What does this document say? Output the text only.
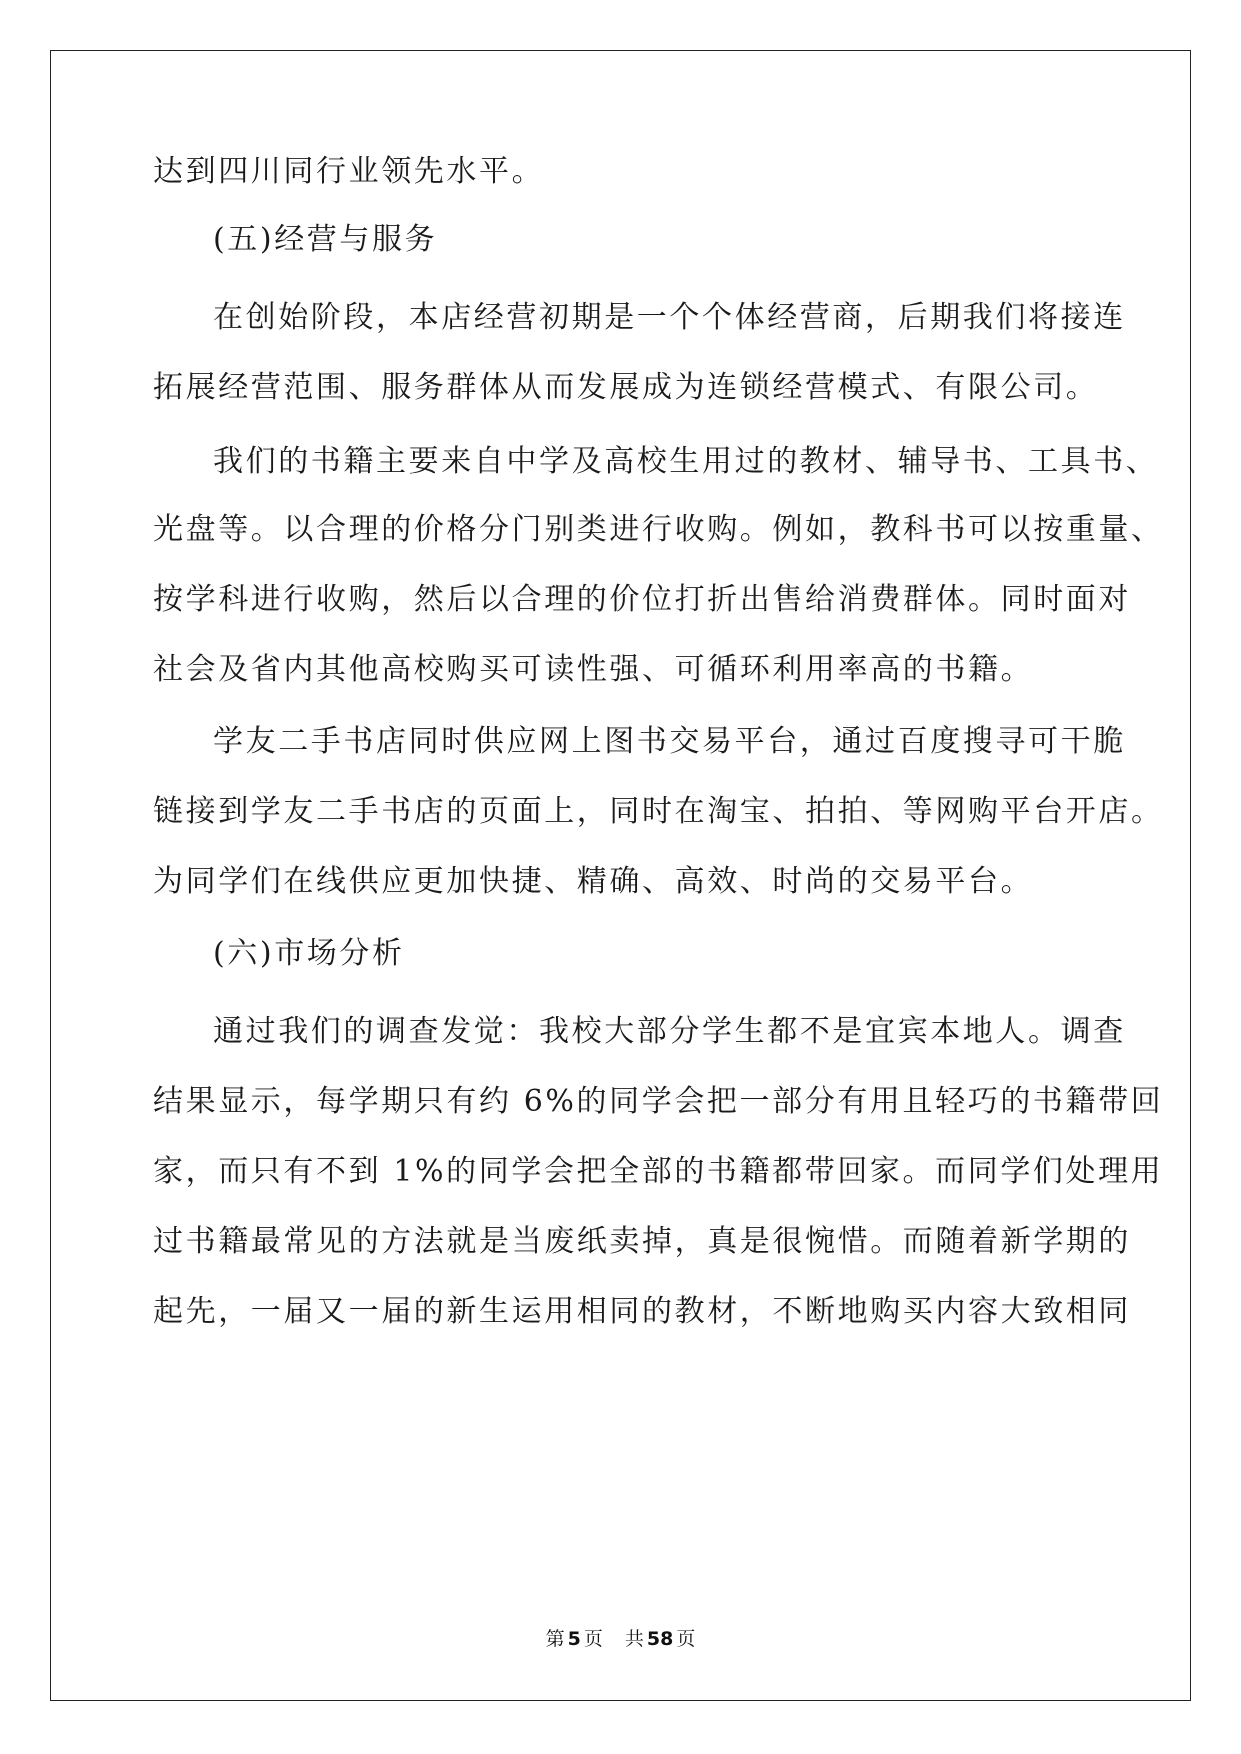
达到四川同行业领先水平。
(五)经营与服务
在创始阶段，本店经营初期是一个个体经营商，后期我们将接连
拓展经营范围、服务群体从而发展成为连锁经营模式、有限公司。
我们的书籍主要来自中学及高校生用过的教材、辅导书、工具书、
光盘等。以合理的价格分门别类进行收购。例如，教科书可以按重量、
按学科进行收购，然后以合理的价位打折出售给消费群体。同时面对
社会及省内其他高校购买可读性强、可循环利用率高的书籍。
学友二手书店同时供应网上图书交易平台，通过百度搜寻可干脆
链接到学友二手书店的页面上，同时在淘宝、拍拍、等网购平台开店。
为同学们在线供应更加快捷、精确、高效、时尚的交易平台。
(六)市场分析
通过我们的调查发觉：我校大部分学生都不是宜宾本地人。调查
结果显示，每学期只有约 6%的同学会把一部分有用且轻巧的书籍带回
家，而只有不到 1%的同学会把全部的书籍都带回家。而同学们处理用
过书籍最常见的方法就是当废纸卖掉，真是很惋惜。而随着新学期的
起先，一届又一届的新生运用相同的教材，不断地购买内容大致相同
第 5 页 共 58 页
